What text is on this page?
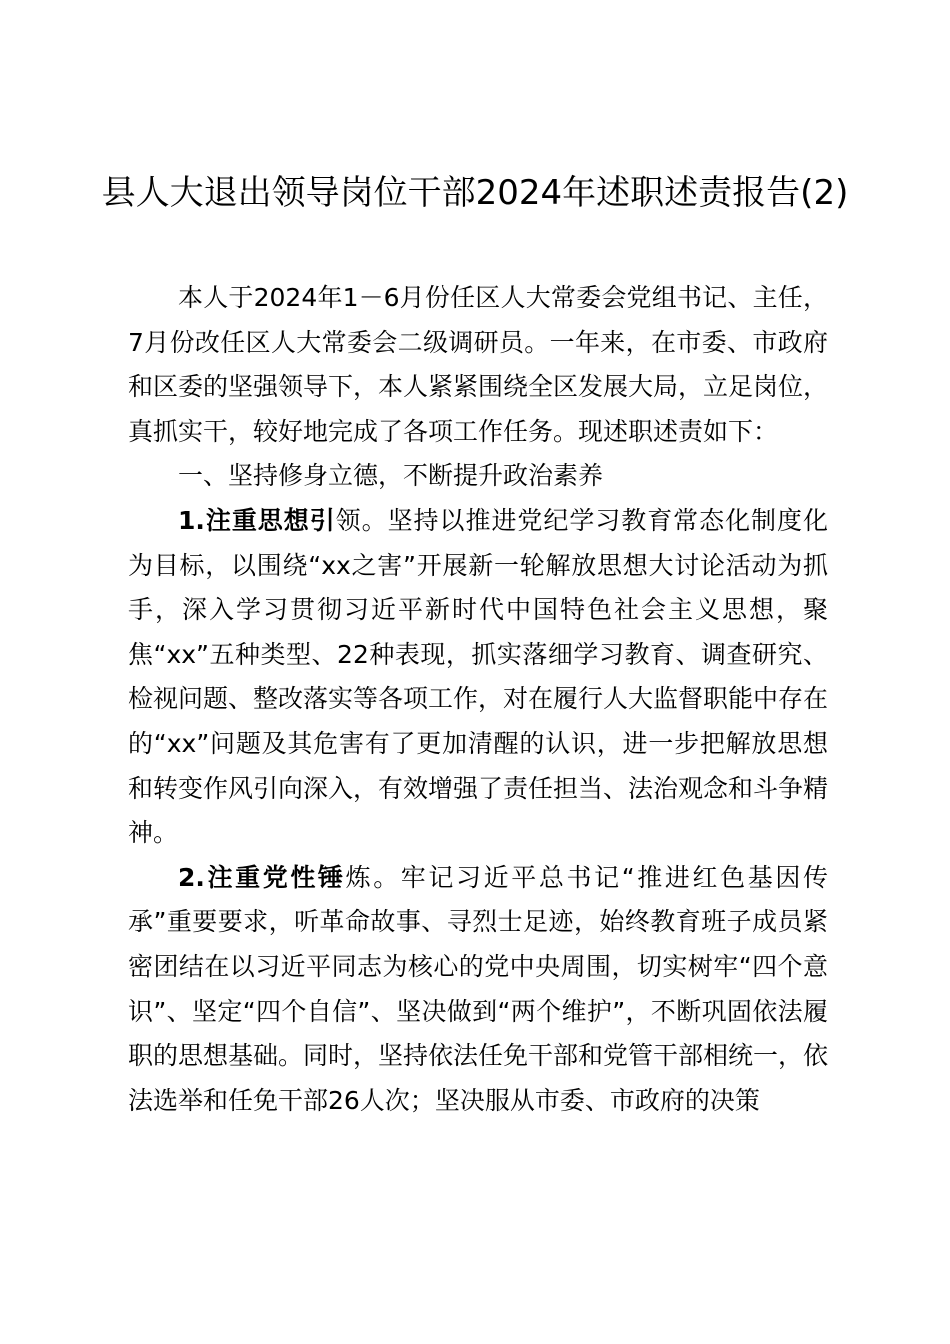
县人大退出领导岗位干部2024年述职述责报告(2)

本人于2024年1－6月份任区人大常委会党组书记、主任，7月份改任区人大常委会二级调研员。一年来，在市委、市政府和区委的坚强领导下，本人紧紧围绕全区发展大局，立足岗位，真抓实干，较好地完成了各项工作任务。现述职述责如下：

一、坚持修身立德，不断提升政治素养

1.注重思想引领。坚持以推进党纪学习教育常态化制度化为目标，以围绕“xx之害”开展新一轮解放思想大讨论活动为抓手，深入学习贯彻习近平新时代中国特色社会主义思想，聚焦“xx”五种类型、22种表现，抓实落细学习教育、调查研究、检视问题、整改落实等各项工作，对在履行人大监督职能中存在的“xx”问题及其危害有了更加清醒的认识，进一步把解放思想和转变作风引向深入，有效增强了责任担当、法治观念和斗争精神。

2.注重党性锤炼。牢记习近平总书记“推进红色基因传承”重要要求，听革命故事、寻烈士足迹，始终教育班子成员紧密团结在以习近平同志为核心的党中央周围，切实树牢“四个意识”、坚定“四个自信”、坚决做到“两个维护”，不断巩固依法履职的思想基础。同时，坚持依法任免干部和党管干部相统一，依法选举和任免干部26人次；坚决服从市委、市政府的决策
